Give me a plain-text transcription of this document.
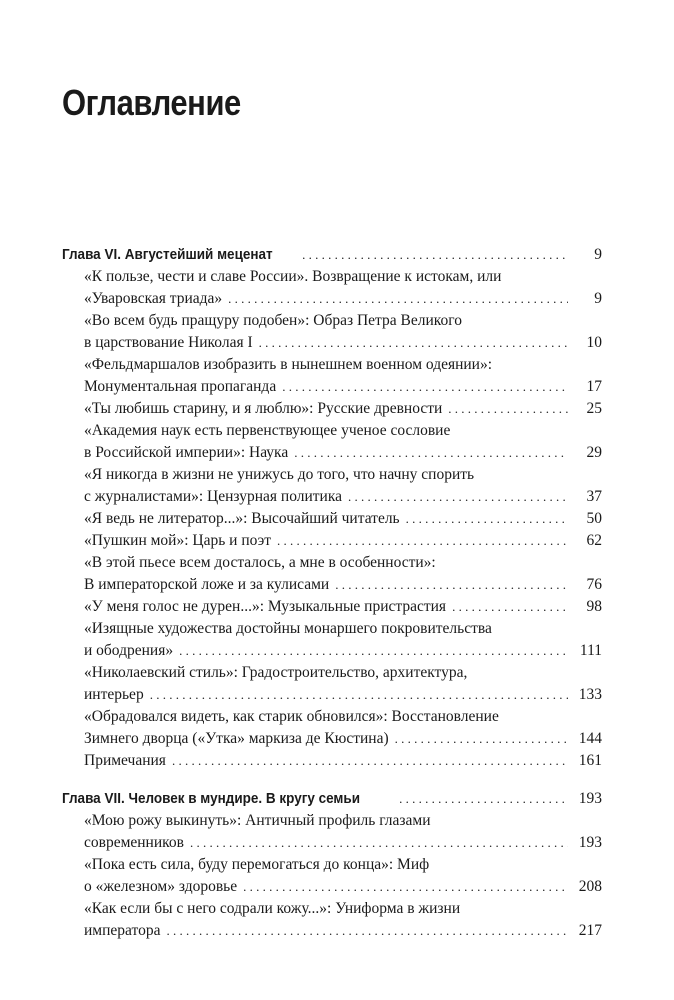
Оглавление
Глава VI. Августейший меценат . . .	9
«К пользе, чести и славе России». Возвращение к истокам, или
«Уваровская триада» . . .	9
«Во всем будь пращуру подобен»: Образ Петра Великого
в царствование Николая I . . .	10
«Фельдмаршалов изобразить в нынешнем военном одеянии»:
Монументальная пропаганда . . .	17
«Ты любишь старину, и я люблю»: Русские древности . . .	25
«Академия наук есть первенствующее ученое сословие
в Российской империи»: Наука . . .	29
«Я никогда в жизни не унижусь до того, что начну спорить
с журналистами»: Цензурная политика . . .	37
«Я ведь не литератор...»: Высочайший читатель . . .	50
«Пушкин мой»: Царь и поэт . . .	62
«В этой пьесе всем досталось, а мне в особенности»:
В императорской ложе и за кулисами . . .	76
«У меня голос не дурен...»: Музыкальные пристрастия . . .	98
«Изящные художества достойны монаршего покровительства
и ободрения» . . .	111
«Николаевский стиль»: Градостроительство, архитектура,
интерьер . . .	133
«Обрадовался видеть, как старик обновился»: Восстановление
Зимнего дворца («Утка» маркиза де Кюстина) . . .	144
Примечания . . .	161
Глава VII. Человек в мундире. В кругу семьи . . .	193
«Мою рожу выкинуть»: Античный профиль глазами
современников . . .	193
«Пока есть сила, буду перемогаться до конца»: Миф
о «железном» здоровье . . .	208
«Как если бы с него содрали кожу...»: Униформа в жизни
императора . . .	217
